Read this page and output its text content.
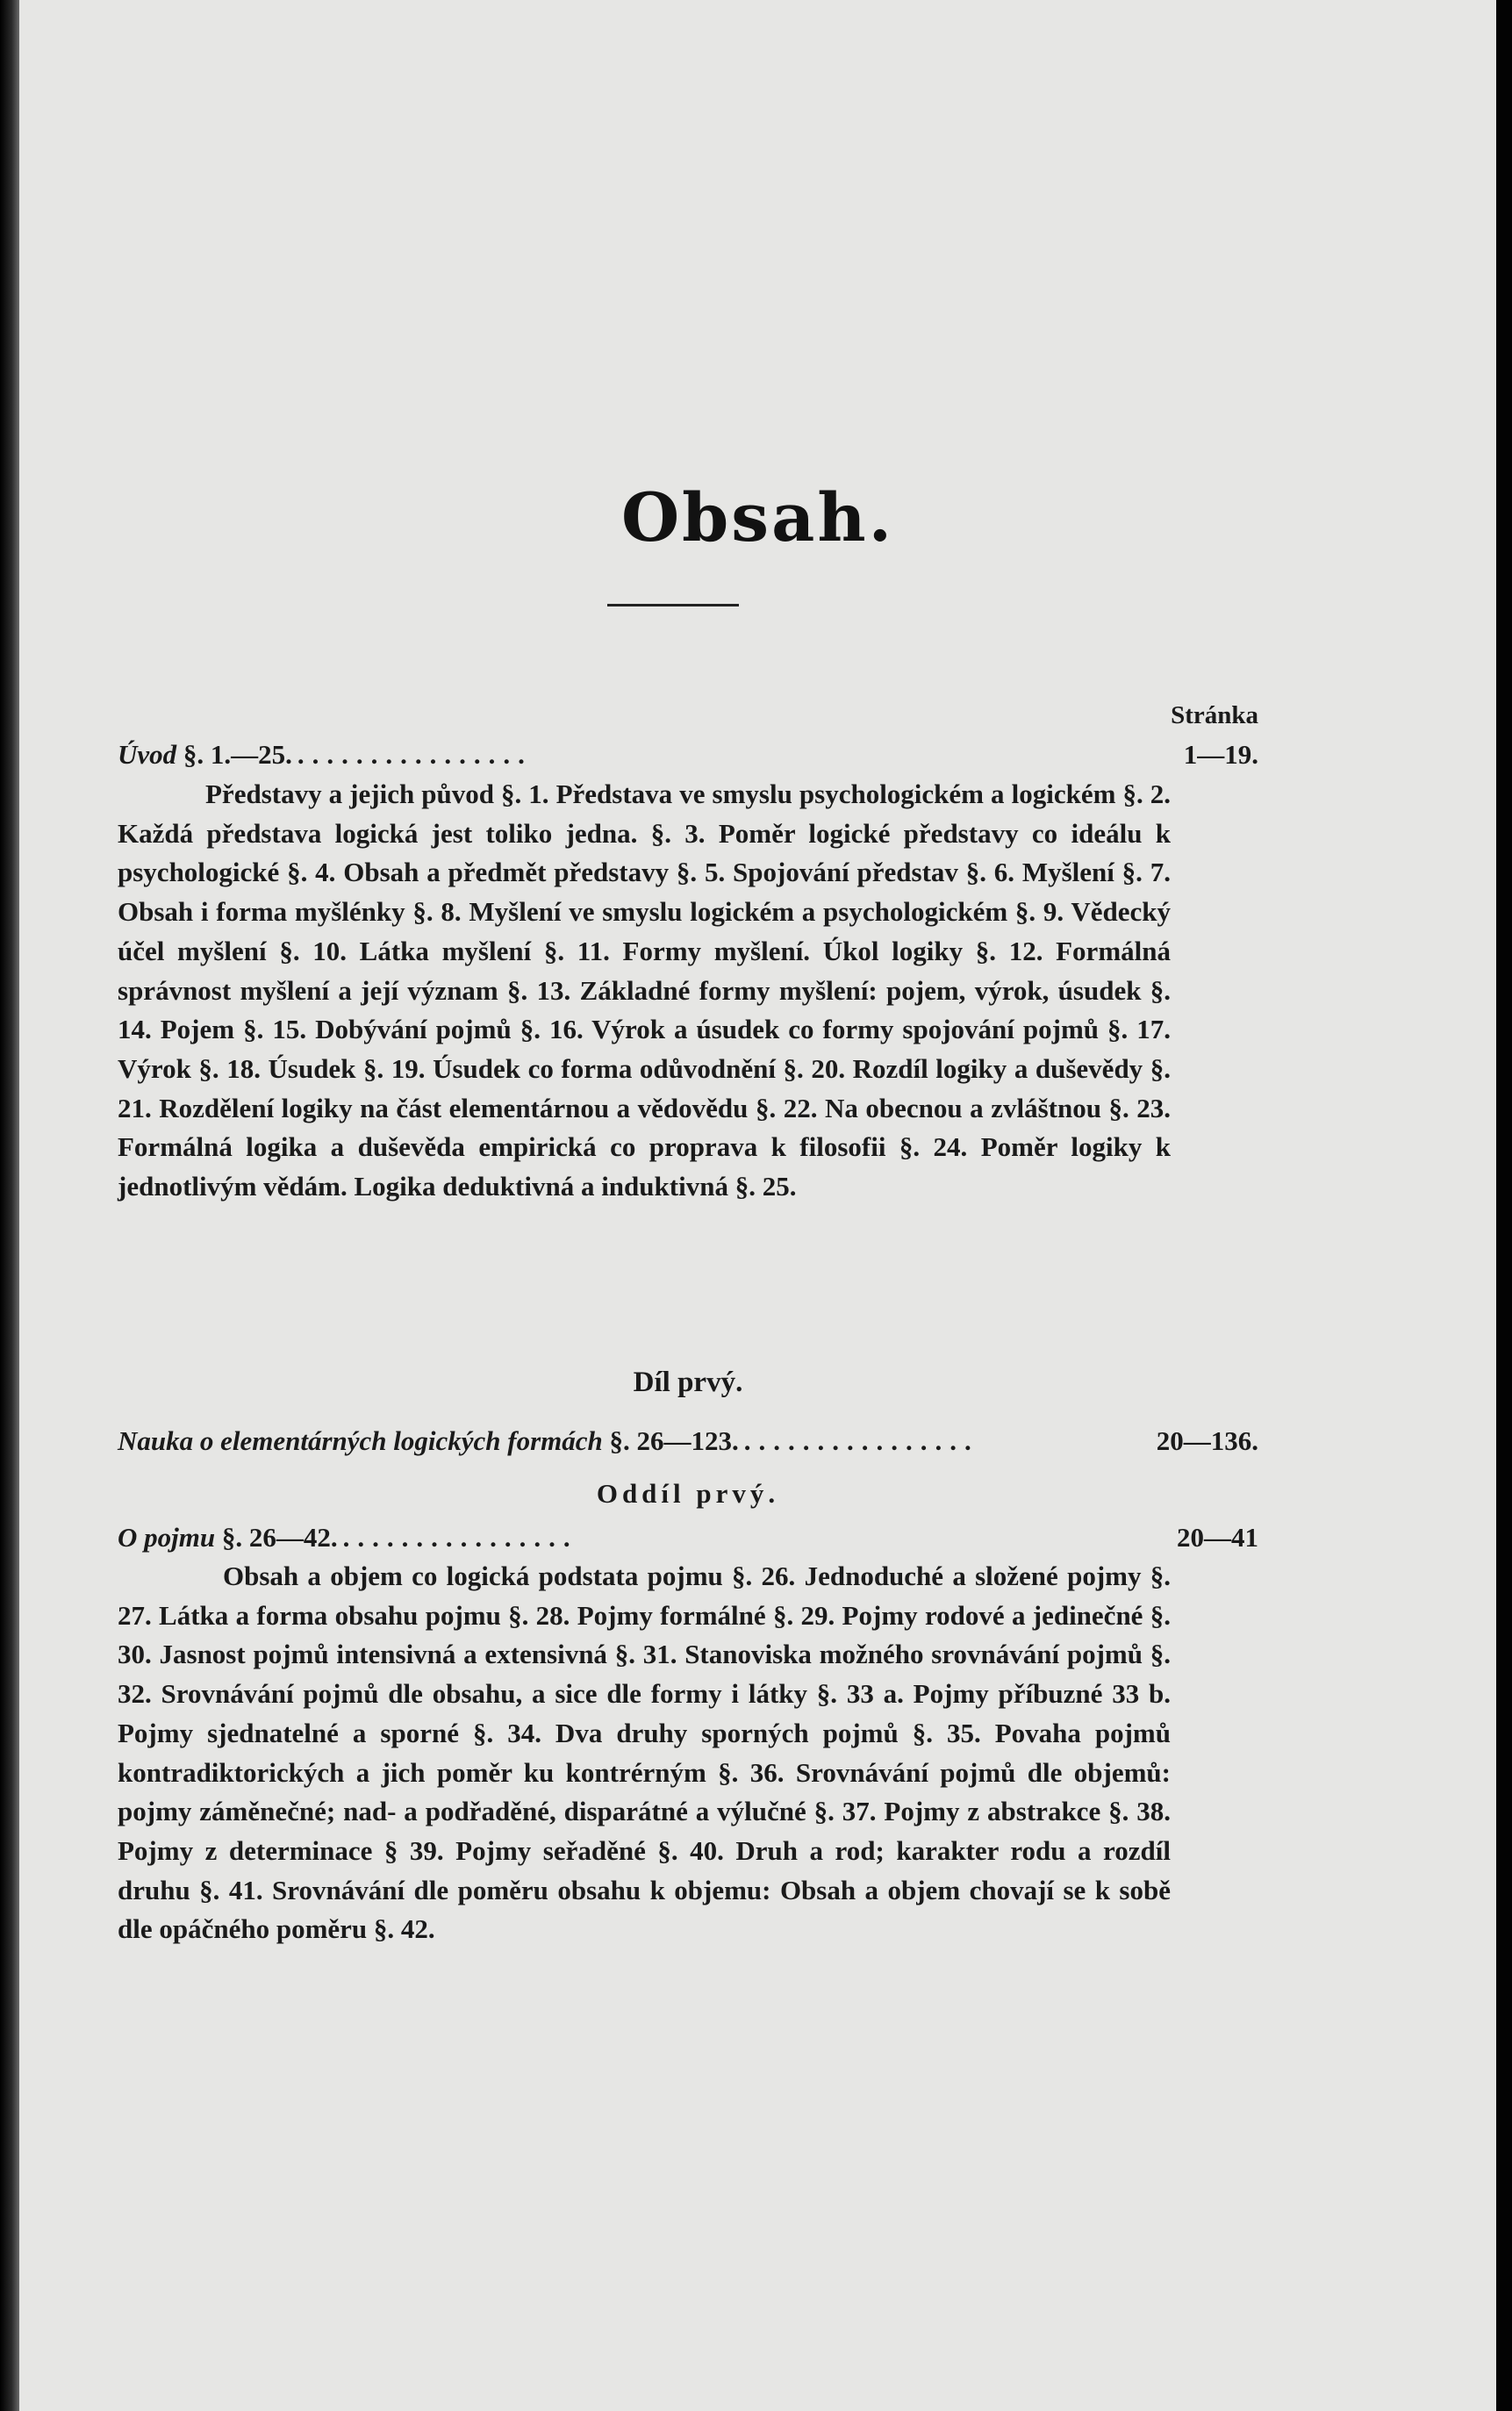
Obsah.
Stránka
Úvod §. 1.—25. ................	1—19.

Představy a jejich původ §. 1. Představa ve smyslu psychologickém a logickém §. 2. Každá představa logická jest toliko jedna. §. 3. Poměr logické představy co ideálu k psychologické §. 4. Obsah a předmět představy §. 5. Spojování představ §. 6. Myšlení §. 7. Obsah i forma myšlénky §. 8. Myšlení ve smyslu logickém a psychologickém §. 9. Vědecký účel myšlení §. 10. Látka myšlení §. 11. Formy myšlení. Úkol logiky §. 12. Formálná správnost myšlení a její význam §. 13. Základné formy myšlení: pojem, výrok, úsudek §. 14. Pojem §. 15. Dobývání pojmů §. 16. Výrok a úsudek co formy spojování pojmů §. 17. Výrok §. 18. Úsudek §. 19. Úsudek co forma odůvodnění §. 20. Rozdíl logiky a duševědy §. 21. Rozdělení logiky na část elementárnou a vědovědu §. 22. Na obecnou a zvláštnou §. 23. Formálná logika a duševěda empirická co proprava k filosofii §. 24. Poměr logiky k jednotlivým vědám. Logika deduktivná a induktivná §. 25.

Díl prvý.
Nauka o elementárných logických formách §. 26—123. ................	20—136.
Oddíl prvý.
O pojmu §. 26—42. ................	20—41

Obsah a objem co logická podstata pojmu §. 26. Jednoduché a složené pojmy §. 27. Látka a forma obsahu pojmu §. 28. Pojmy formálné §. 29. Pojmy rodové a jedinečné §. 30. Jasnost pojmů intensivná a extensivná §. 31. Stanoviska možného srovnávání pojmů §. 32. Srovnávání pojmů dle obsahu, a sice dle formy i látky §. 33 a. Pojmy příbuzné 33 b. Pojmy sjednatelné a sporné §. 34. Dva druhy sporných pojmů §. 35. Povaha pojmů kontradiktorických a jich poměr ku kontrérným §. 36. Srovnávání pojmů dle objemů: pojmy záměnečné; nad- a podřaděné, disparátné a výlučné §. 37. Pojmy z abstrakce §. 38. Pojmy z determinace § 39. Pojmy seřaděné §. 40. Druh a rod; karakter rodu a rozdíl druhu §. 41. Srovnávání dle poměru obsahu k objemu: Obsah a objem chovají se k sobě dle opáčného poměru §. 42.
